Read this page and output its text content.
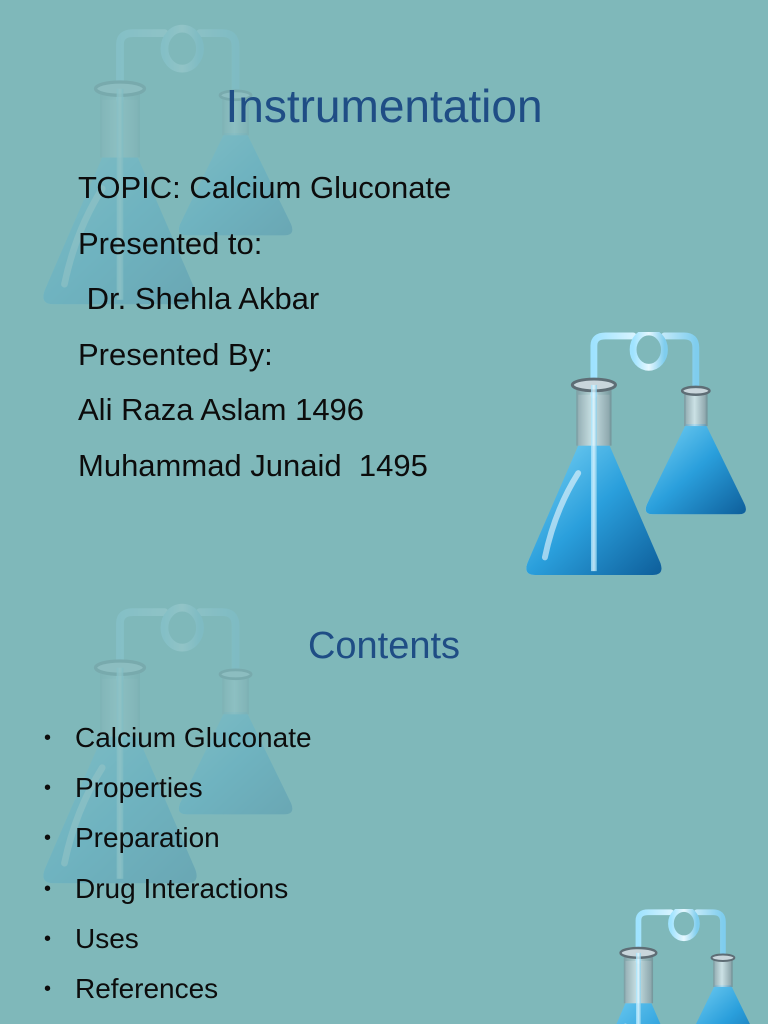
Instrumentation
TOPIC: Calcium Gluconate
Presented to:
Dr. Shehla Akbar
Presented By:
Ali Raza Aslam 1496
Muhammad Junaid  1495
Contents
• Calcium Gluconate
• Properties
• Preparation
• Drug Interactions
• Uses
• References
